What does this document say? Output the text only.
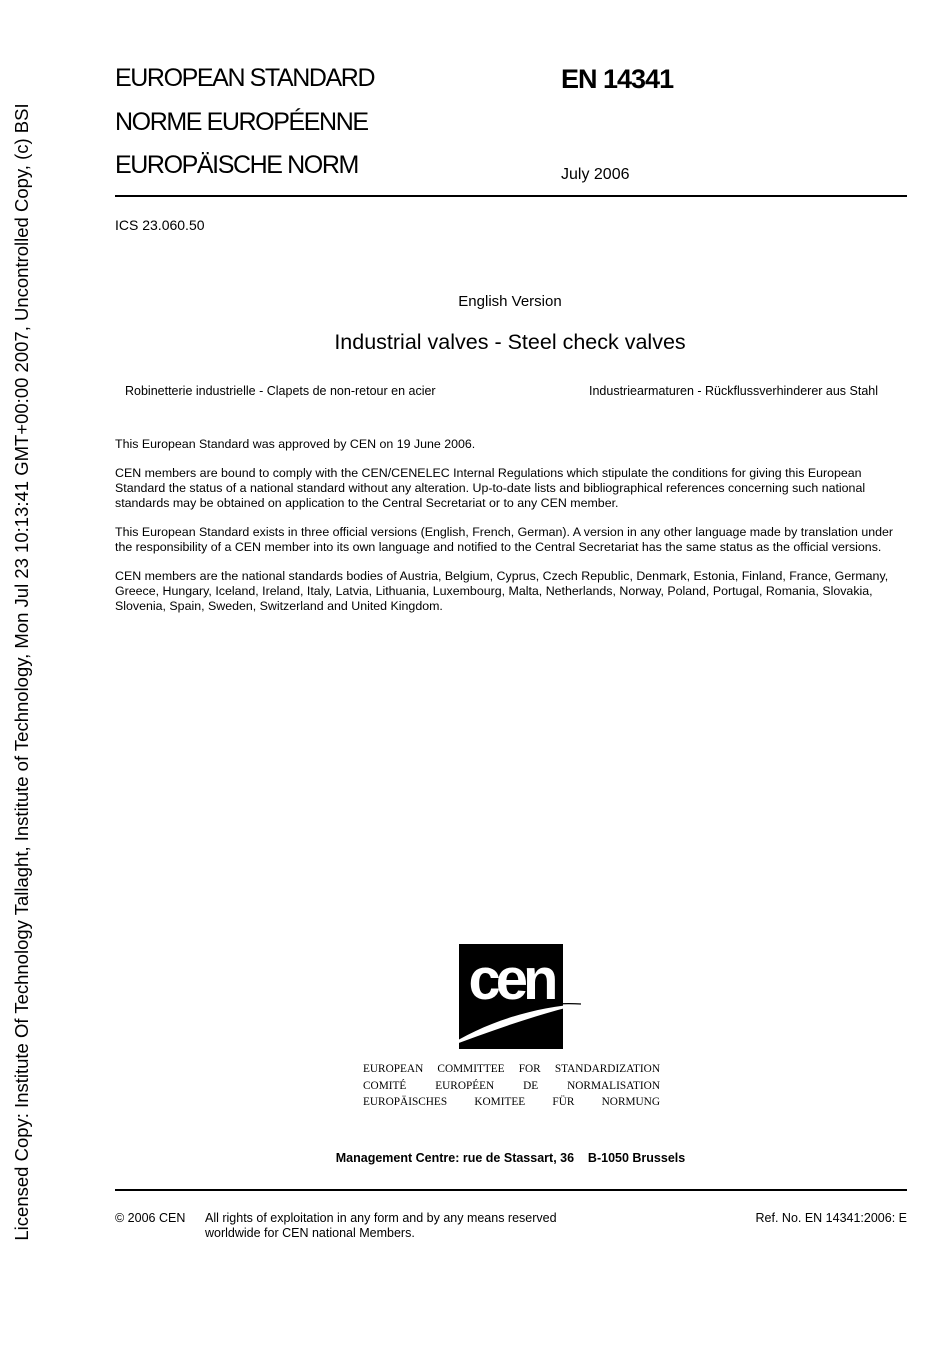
Licensed Copy: Institute Of Technology Tallaght, Institute of Technology, Mon Jul 23 10:13:41 GMT+00:00 2007, Uncontrolled Copy, (c) BSI
EUROPEAN STANDARD
NORME EUROPÉENNE
EUROPÄISCHE NORM
EN 14341
July 2006
ICS 23.060.50
English Version
Industrial valves - Steel check valves
Robinetterie industrielle - Clapets de non-retour en acier	Industriearmaturen - Rückflussverhinderer aus Stahl

This European Standard was approved by CEN on 19 June 2006.

CEN members are bound to comply with the CEN/CENELEC Internal Regulations which stipulate the conditions for giving this European Standard the status of a national standard without any alteration. Up-to-date lists and bibliographical references concerning such national standards may be obtained on application to the Central Secretariat or to any CEN member.

This European Standard exists in three official versions (English, French, German). A version in any other language made by translation under the responsibility of a CEN member into its own language and notified to the Central Secretariat has the same status as the official versions.

CEN members are the national standards bodies of Austria, Belgium, Cyprus, Czech Republic, Denmark, Estonia, Finland, France, Germany, Greece, Hungary, Iceland, Ireland, Italy, Latvia, Lithuania, Luxembourg, Malta, Netherlands, Norway, Poland, Portugal, Romania, Slovakia, Slovenia, Spain, Sweden, Switzerland and United Kingdom.

cen
EUROPEAN COMMITTEE FOR STANDARDIZATION
COMITÉ EUROPÉEN DE NORMALISATION
EUROPÄISCHES KOMITEE FÜR NORMUNG
Management Centre: rue de Stassart, 36    B-1050 Brussels
© 2006 CEN All rights of exploitation in any form and by any means reserved
worldwide for CEN national Members.
Ref. No. EN 14341:2006: E
